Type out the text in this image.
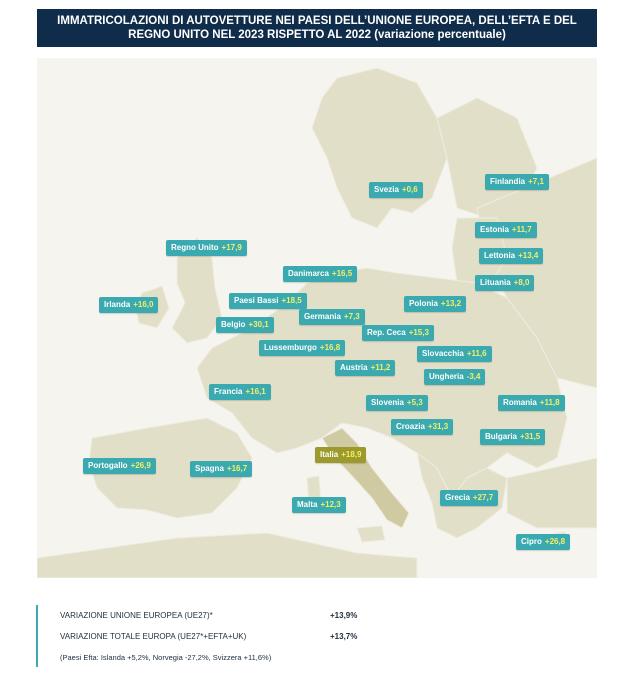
IMMATRICOLAZIONI DI AUTOVETTURE NEI PAESI DELL’UNIONE EUROPEA, DELL’EFTA E DEL
REGNO UNITO NEL 2023 RISPETTO AL 2022 (variazione percentuale)
Svezia +0,6
Finlandia +7,1
Estonia +11,7
Lettonia +13,4
Lituania +8,0
Regno Unito +17,9
Danimarca +16,5
Irlanda +16,0	Paesi Bassi +18,5	Polonia +13,2
Belgio +30,1
Germania +7,3
Rep. Ceca +15,3
Lussemburgo +16,8
Slovacchia +11,6
Austria +11,2
Ungheria -3,4
Francia +16,1
Slovenia +5,3	Romania +11,8
Croazia +31,3
Bulgaria +31,5
Italia +18,9
Portogallo +26,9	Spagna +16,7
Grecia +27,7
Malta +12,3
Cipro +26,8
VARIAZIONE UNIONE EUROPEA (UE27)*	+13,9%
VARIAZIONE TOTALE EUROPA (UE27*+EFTA+UK)	+13,7%
(Paesi Efta: Islanda +5,2%, Norvegia -27,2%, Svizzera +11,6%)
